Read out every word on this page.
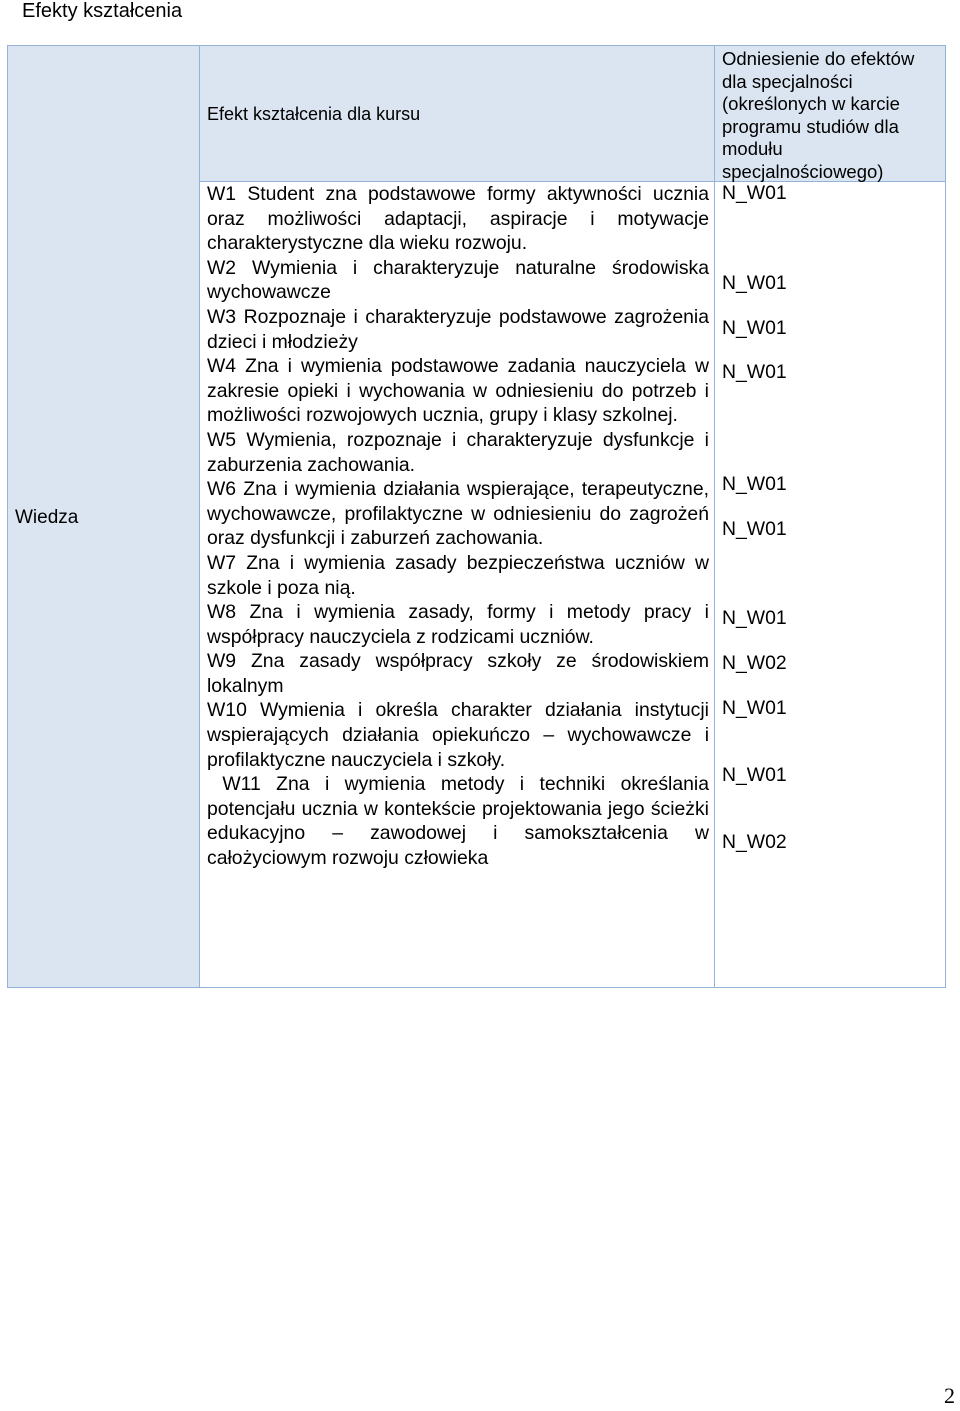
Efekty kształcenia
Wiedza
Efekt kształcenia dla kursu
Odniesienie do efektów dla specjalności (określonych w karcie programu studiów dla modułu specjalnościowego)
W1 Student zna podstawowe formy aktywności ucznia oraz możliwości adaptacji, aspiracje i motywacje charakterystyczne dla wieku rozwoju.
W2 Wymienia i charakteryzuje naturalne środowiska wychowawcze
W3 Rozpoznaje i charakteryzuje podstawowe zagrożenia dzieci i młodzieży
W4 Zna i wymienia podstawowe zadania nauczyciela w zakresie opieki i wychowania w odniesieniu do potrzeb i możliwości rozwojowych ucznia, grupy i klasy szkolnej.
W5 Wymienia, rozpoznaje i charakteryzuje dysfunkcje i zaburzenia zachowania.
W6 Zna i wymienia działania wspierające, terapeutyczne, wychowawcze, profilaktyczne w odniesieniu do zagrożeń oraz dysfunkcji i zaburzeń zachowania.
W7 Zna i wymienia zasady bezpieczeństwa uczniów w szkole i poza nią.
W8 Zna i wymienia zasady, formy i metody pracy i współpracy nauczyciela z rodzicami uczniów.
W9 Zna zasady współpracy szkoły ze środowiskiem lokalnym
W10 Wymienia i określa charakter działania instytucji wspierających działania opiekuńczo – wychowawcze i profilaktyczne nauczyciela i szkoły.
W11 Zna i wymienia metody i techniki określania potencjału ucznia w kontekście projektowania jego ścieżki edukacyjno – zawodowej i samokształcenia w całożyciowym rozwoju człowieka
N_W01
N_W01
N_W01
N_W01
N_W01
N_W01
N_W01
N_W02
N_W01
N_W01
N_W02
2
